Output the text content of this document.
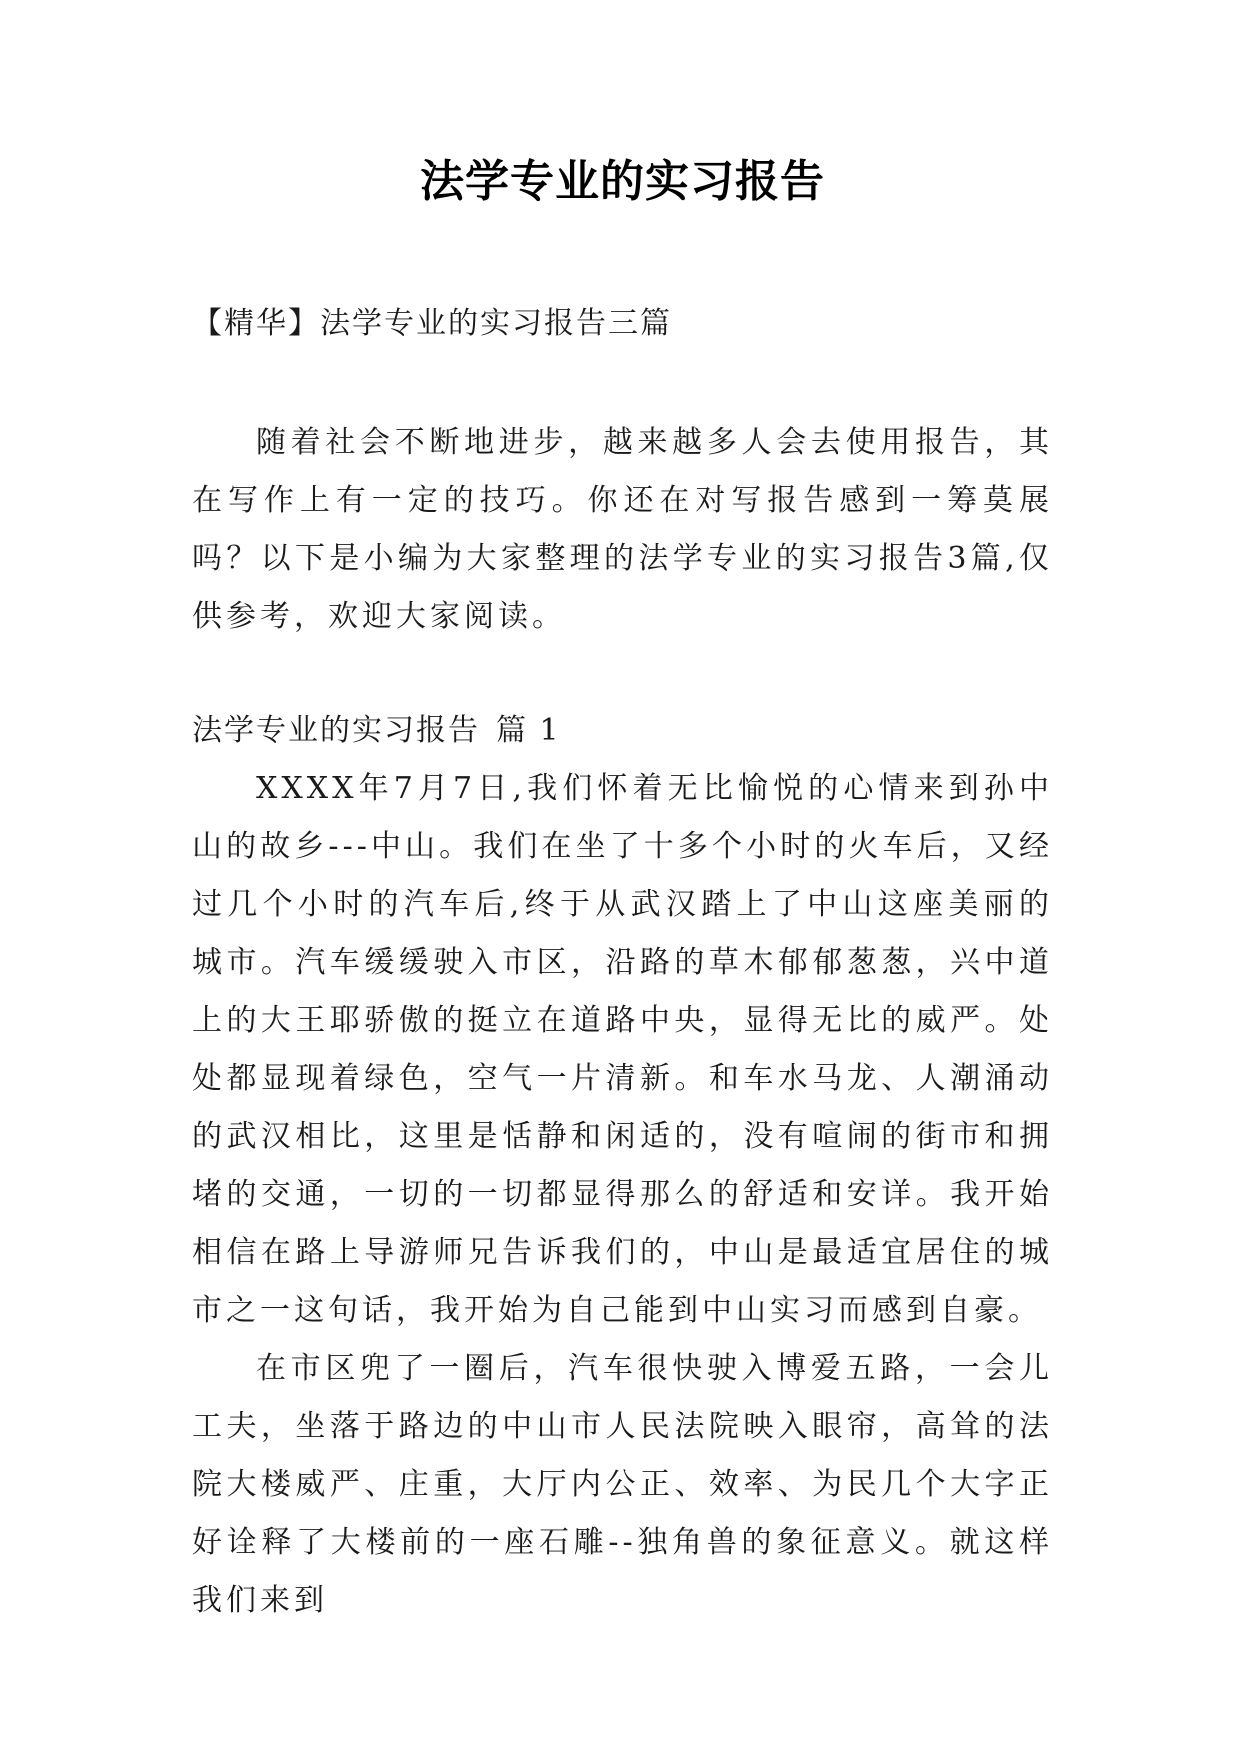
法学专业的实习报告

【精华】法学专业的实习报告三篇

随着社会不断地进步，越来越多人会去使用报告，其在写作上有一定的技巧。你还在对写报告感到一筹莫展吗？以下是小编为大家整理的法学专业的实习报告3篇,仅供参考，欢迎大家阅读。

法学专业的实习报告 篇 1

XXXX年7月7日,我们怀着无比愉悦的心情来到孙中山的故乡---中山。我们在坐了十多个小时的火车后，又经过几个小时的汽车后,终于从武汉踏上了中山这座美丽的城市。汽车缓缓驶入市区，沿路的草木郁郁葱葱，兴中道上的大王耶骄傲的挺立在道路中央，显得无比的威严。处处都显现着绿色，空气一片清新。和车水马龙、人潮涌动的武汉相比，这里是恬静和闲适的，没有喧闹的街市和拥堵的交通，一切的一切都显得那么的舒适和安详。我开始相信在路上导游师兄告诉我们的，中山是最适宜居住的城市之一这句话，我开始为自己能到中山实习而感到自豪。

在市区兜了一圈后，汽车很快驶入博爱五路，一会儿工夫，坐落于路边的中山市人民法院映入眼帘，高耸的法院大楼威严、庄重，大厅内公正、效率、为民几个大字正好诠释了大楼前的一座石雕--独角兽的象征意义。就这样我们来到
